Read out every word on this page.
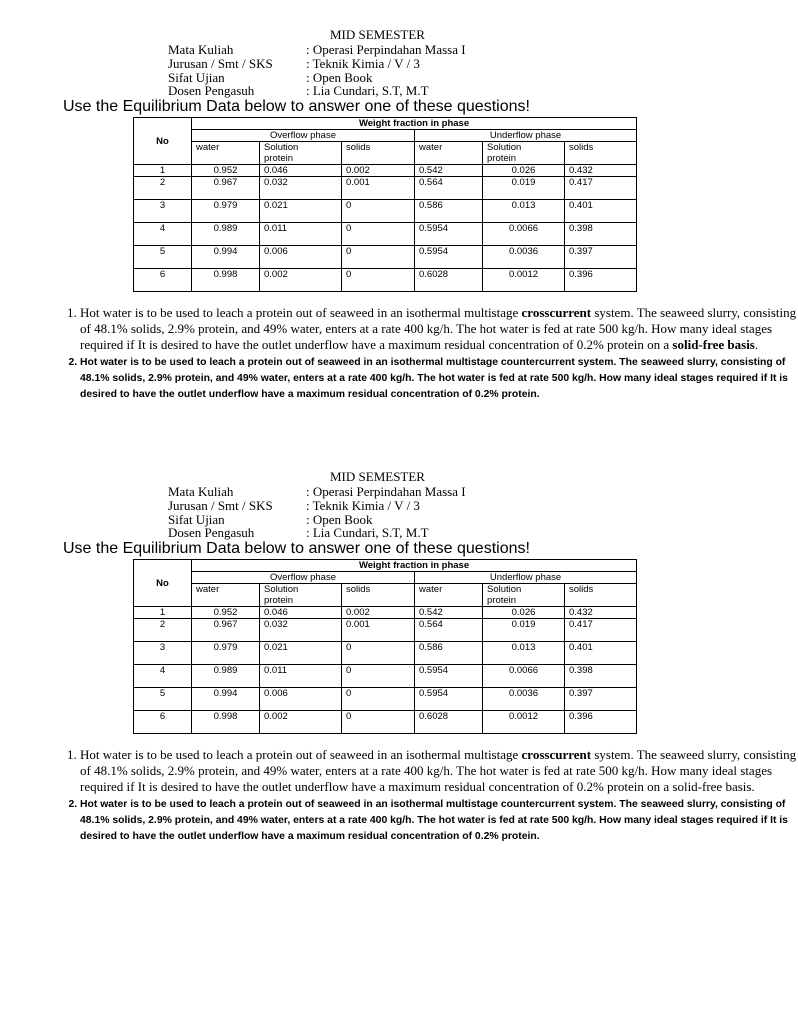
MID SEMESTER
Mata Kuliah	: Operasi Perpindahan Massa I
Jurusan / Smt / SKS	: Teknik Kimia / V / 3
Sifat Ujian	: Open Book
Dosen Pengasuh	: Lia Cundari, S.T, M.T
Use the Equilibrium Data below to answer one of these questions!
No	Weight fraction in phase					
	Overflow phase			Underflow phase		
	water	Solution
protein	solids	water	Solution
protein	solids
1	0.952	0.046	0.002	0.542	0.026	0.432
2	0.967	0.032	0.001	0.564	0.019	0.417
3	0.979	0.021	0	0.586	0.013	0.401
4	0.989	0.011	0	0.5954	0.0066	0.398
5	0.994	0.006	0	0.5954	0.0036	0.397
6	0.998	0.002	0	0.6028	0.0012	0.396
1. Hot water is to be used to leach a protein out of seaweed in an isothermal multistage crosscurrent system. The seaweed slurry, consisting of 48.1% solids, 2.9% protein, and 49% water, enters at a rate 400 kg/h. The hot water is fed at rate 500 kg/h. How many ideal stages required if It is desired to have the outlet underflow have a maximum residual concentration of 0.2% protein on a solid-free basis.
2. Hot water is to be used to leach a protein out of seaweed in an isothermal multistage countercurrent system. The seaweed slurry, consisting of 48.1% solids, 2.9% protein, and 49% water, enters at a rate 400 kg/h. The hot water is fed at rate 500 kg/h. How many ideal stages required if It is desired to have the outlet underflow have a maximum residual concentration of 0.2% protein.
MID SEMESTER
Mata Kuliah	: Operasi Perpindahan Massa I
Jurusan / Smt / SKS	: Teknik Kimia / V / 3
Sifat Ujian	: Open Book
Dosen Pengasuh	: Lia Cundari, S.T, M.T
Use the Equilibrium Data below to answer one of these questions!
No	Weight fraction in phase					
	Overflow phase			Underflow phase		
	water	Solution
protein	solids	water	Solution
protein	solids
1	0.952	0.046	0.002	0.542	0.026	0.432
2	0.967	0.032	0.001	0.564	0.019	0.417
3	0.979	0.021	0	0.586	0.013	0.401
4	0.989	0.011	0	0.5954	0.0066	0.398
5	0.994	0.006	0	0.5954	0.0036	0.397
6	0.998	0.002	0	0.6028	0.0012	0.396
1. Hot water is to be used to leach a protein out of seaweed in an isothermal multistage crosscurrent system. The seaweed slurry, consisting of 48.1% solids, 2.9% protein, and 49% water, enters at a rate 400 kg/h. The hot water is fed at rate 500 kg/h. How many ideal stages required if It is desired to have the outlet underflow have a maximum residual concentration of 0.2% protein on a solid-free basis.
2. Hot water is to be used to leach a protein out of seaweed in an isothermal multistage countercurrent system. The seaweed slurry, consisting of 48.1% solids, 2.9% protein, and 49% water, enters at a rate 400 kg/h. The hot water is fed at rate 500 kg/h. How many ideal stages required if It is desired to have the outlet underflow have a maximum residual concentration of 0.2% protein.
